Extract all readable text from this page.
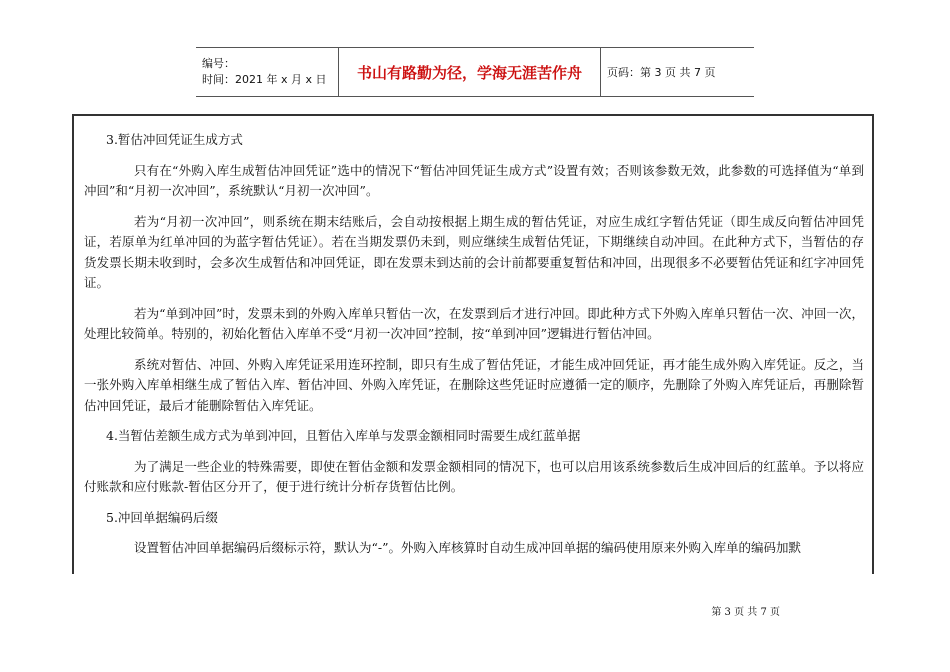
编号：
时间：2021 年 x 月 x 日	书山有路勤为径，学海无涯苦作舟 页码：第 3 页 共 7 页

3.暂估冲回凭证生成方式

只有在“外购入库生成暂估冲回凭证”选中的情况下“暂估冲回凭证生成方式”设置有效；否则该参数无效，此参数的可选择值为“单到冲回”和“月初一次冲回”，系统默认“月初一次冲回”。

若为“月初一次冲回”，则系统在期末结账后，会自动按根据上期生成的暂估凭证，对应生成红字暂估凭证（即生成反向暂估冲回凭证，若原单为红单冲回的为蓝字暂估凭证）。若在当期发票仍未到，则应继续生成暂估凭证，下期继续自动冲回。在此种方式下，当暂估的存货发票长期未收到时，会多次生成暂估和冲回凭证，即在发票未到达前的会计前都要重复暂估和冲回，出现很多不必要暂估凭证和红字冲回凭证。

若为“单到冲回”时，发票未到的外购入库单只暂估一次，在发票到后才进行冲回。即此种方式下外购入库单只暂估一次、冲回一次，处理比较简单。特别的，初始化暂估入库单不受“月初一次冲回”控制，按“单到冲回”逻辑进行暂估冲回。

系统对暂估、冲回、外购入库凭证采用连环控制，即只有生成了暂估凭证，才能生成冲回凭证，再才能生成外购入库凭证。反之，当一张外购入库单相继生成了暂估入库、暂估冲回、外购入库凭证，在删除这些凭证时应遵循一定的顺序，先删除了外购入库凭证后，再删除暂估冲回凭证，最后才能删除暂估入库凭证。

4.当暂估差额生成方式为单到冲回，且暂估入库单与发票金额相同时需要生成红蓝单据

为了满足一些企业的特殊需要，即使在暂估金额和发票金额相同的情况下，也可以启用该系统参数后生成冲回后的红蓝单。予以将应付账款和应付账款-暂估区分开了，便于进行统计分析存货暂估比例。

5.冲回单据编码后缀

设置暂估冲回单据编码后缀标示符，默认为“-”。外购入库核算时自动生成冲回单据的编码使用原来外购入库单的编码加默

第 3 页 共 7 页
